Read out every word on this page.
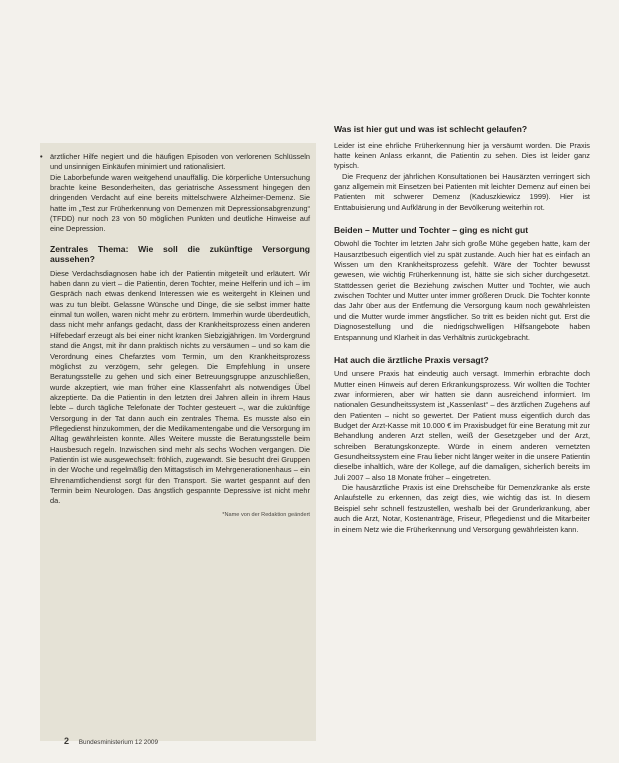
•	ärztlicher Hilfe negiert und die häufigen Episoden von verlorenen Schlüsseln und unsinnigen Einkäufen minimiert und rationalisiert.

Die Laborbefunde waren weitgehend unauffällig. Die körperliche Untersuchung brachte keine Besonderheiten, das geriatrische Assessment hingegen den dringenden Verdacht auf eine bereits mittelschwere Alzheimer-Demenz. Sie hatte im „Test zur Früherkennung von Demenzen mit Depressionsabgrenzung“ (TFDD) nur noch 23 von 50 möglichen Punkten und deutliche Hinweise auf eine Depression.

Zentrales Thema: Wie soll die zukünftige Versorgung aussehen?

Diese Verdachsdiagnosen habe ich der Patientin mitgeteilt und erläutert. Wir haben dann zu viert – die Patientin, deren Tochter, meine Helferin und ich – im Gespräch nach etwas denkend Interessen wie es weitergeht in Kleinen und was zu tun bleibt. Gelassne Wünsche und Dinge, die sie selbst immer hatte einmal tun wollen, waren nicht mehr zu erörtern. Immerhin wurde überdeutlich, dass nicht mehr anfangs gedacht, dass der Krankheitsprozess einen anderen Hilfebedarf erzeugt als bei einer nicht kranken Siebzigjährigen. Im Vordergrund stand die Angst, mit ihr dann praktisch nichts zu versäumen – und so kam die Verordnung eines Chefarztes vom Termin, um den Krankheitsprozess möglichst zu verzögern, sehr gelegen. Die Empfehlung in unsere Beratungsstelle zu gehen und sich einer Betreuungsgruppe anzuschließen, wurde akzeptiert, wie man früher eine Klassenfahrt als notwendiges Übel akzeptierte. Da die Patientin in den letzten drei Jahren allein in ihrem Haus lebte – durch tägliche Telefonate der Tochter gesteuert –, war die zukünftige Versorgung in der Tat dann auch ein zentrales Thema. Es musste also ein Pflegedienst hinzukommen, der die Medikamentengabe und die Versorgung im Alltag gewährleisten konnte. Alles Weitere musste die Beratungsstelle beim Hausbesuch regeln. Inzwischen sind mehr als sechs Wochen vergangen. Die Patientin ist wie ausgewechselt: fröhlich, zugewandt. Sie besucht drei Gruppen in der Woche und regelmäßig den Mittagstisch im Mehrgenerationenhaus – ein Ehrenamtlichendienst sorgt für den Transport. Sie wartet gespannt auf den Termin beim Neurologen. Das ängstlich gespannte Depressive ist nicht mehr da.

*Name von der Redaktion geändert
Was ist hier gut und was ist schlecht gelaufen?

Leider ist eine ehrliche Früherkennung hier ja versäumt worden. Die Praxis hatte keinen Anlass erkannt, die Patientin zu sehen. Dies ist leider ganz typisch.

Die Frequenz der jährlichen Konsultationen bei Hausärzten verringert sich ganz allgemein mit Einsetzen bei Patienten mit leichter Demenz auf einen bei Patienten mit schwerer Demenz (Kaduszkiewicz 1999). Hier ist Enttabuisierung und Aufklärung in der Bevölkerung weiterhin rot.

Beiden – Mutter und Tochter – ging es nicht gut

Obwohl die Tochter im letzten Jahr sich große Mühe gegeben hatte, kam der Hausarztbesuch eigentlich viel zu spät zustande. Auch hier hat es einfach an Wissen um den Krankheitsprozess gefehlt. Wäre der Tochter bewusst gewesen, wie wichtig Früherkennung ist, hätte sie sich sicher durchgesetzt. Stattdessen geriet die Beziehung zwischen Mutter und Tochter, wie auch zwischen Tochter und Mutter unter immer größeren Druck. Die Tochter konnte das Jahr über aus der Entfernung die Versorgung kaum noch gewährleisten und die Mutter wurde immer ängstlicher. So tritt es beiden nicht gut. Erst die Diagnosestellung und die niedrigschwelligen Hilfsangebote haben Entspannung und Klarheit in das Verhältnis zurückgebracht.

Hat auch die ärztliche Praxis versagt?

Und unsere Praxis hat eindeutig auch versagt. Immerhin erbrachte doch Mutter einen Hinweis auf deren Erkrankungsprozess. Wir wollten die Tochter zwar informieren, aber wir hatten sie dann ausreichend informiert. Im nationalen Gesundheitssystem ist „Kassenlast“ – des ärztlichen Zugehens auf den Patienten – nicht so gewertet. Der Patient muss eigentlich durch das Budget der Arzt-Kasse mit 10.000 € im Praxisbudget für eine Beratung mit zur Behandlung anderen Arzt stellen, weiß der Gesetzgeber und der Arzt, schreiben Beratungskonzepte. Würde in einem anderen vernetzten Gesundheitssystem eine Frau lieber nicht länger weiter in die unsere Patientin dieselbe inhaltlich, wäre der Kollege, auf die damaligen, sicherlich bereits im Juli 2007 – also 18 Monate früher – eingetreten.

Die hausärztliche Praxis ist eine Drehscheibe für Demenzkranke als erste Anlaufstelle zu erkennen, das zeigt dies, wie wichtig das ist. In diesem Beispiel sehr schnell festzustellen, weshalb bei der Grunderkrankung, aber auch die Arzt, Notar, Kostenanträge, Friseur, Pflegedienst und die Mitarbeiter in einem Netz wie die Früherkennung und Versorgung gewährleisten kann.

2 Bundesministerium 12 2009
